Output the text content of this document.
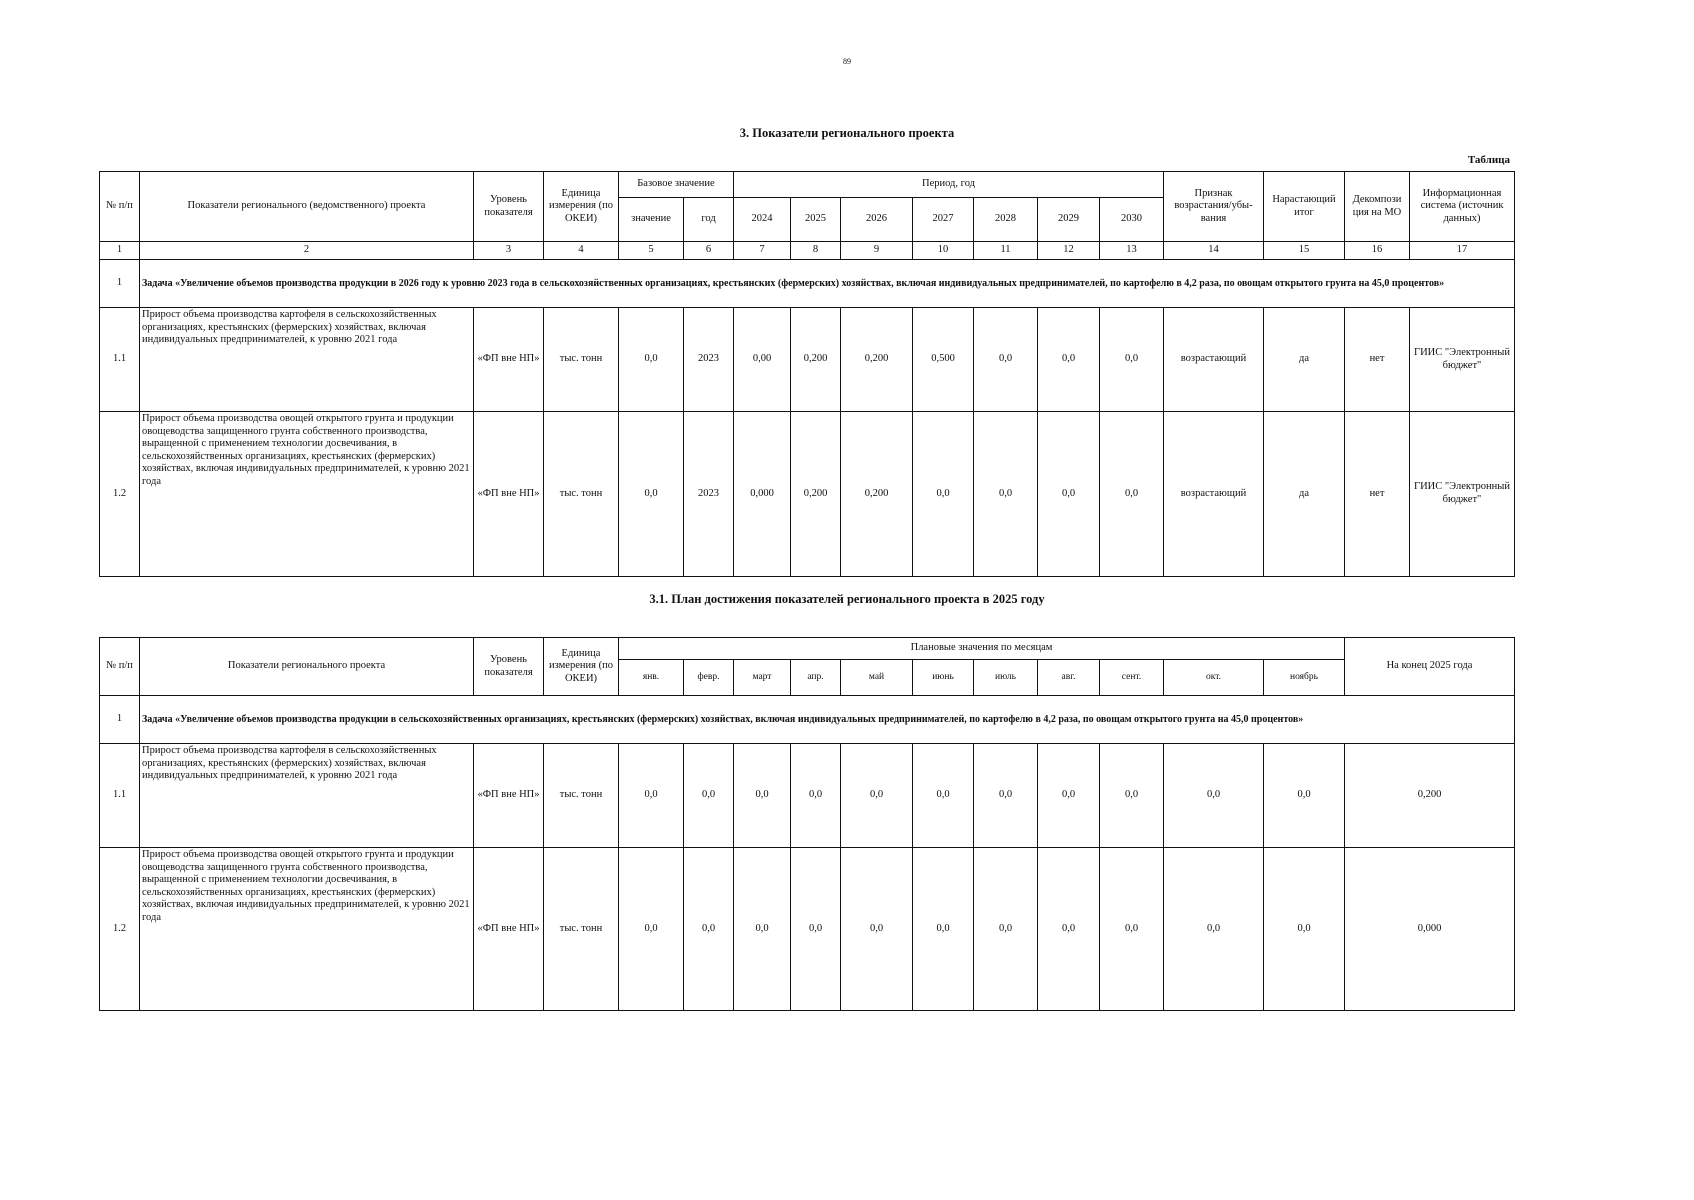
89
3. Показатели регионального проекта
Таблица
№ п/п	Показатели регионального (ведомственного) проекта	Уровень показателя	Единица измерения (по ОКЕИ)	Базовое значение		Период, год							Признак возрастания/убы-вания	Нарастающий итог	Декомпози ция на МО	Информационная система (источник данных)
				значение	год	2024	2025	2026	2027	2028	2029	2030				
1	2	3	4	5	6	7	8	9	10	11	12	13	14	15	16	17
1	Задача «Увеличение объемов производства продукции в 2026 году к уровню 2023 года в сельскохозяйственных организациях, крестьянских (фермерских) хозяйствах, включая индивидуальных предпринимателей, по картофелю в 4,2 раза, по овощам открытого грунта на 45,0 процентов»															
1.1	Прирост объема производства картофеля в сельскохозяйственных организациях, крестьянских (фермерских) хозяйствах, включая индивидуальных предпринимателей, к уровню 2021 года	«ФП вне НП»	тыс. тонн	0,0	2023	0,00	0,200	0,200	0,500	0,0	0,0	0,0	возрастающий	да	нет	ГИИС "Электронный бюджет"
1.2	Прирост объема производства овощей открытого грунта и продукции овощеводства защищенного грунта собственного производства, выращенной с применением технологии досвечивания, в сельскохозяйственных организациях, крестьянских (фермерских) хозяйствах, включая индивидуальных предпринимателей, к уровню 2021 года	«ФП вне НП»	тыс. тонн	0,0	2023	0,000	0,200	0,200	0,0	0,0	0,0	0,0	возрастающий	да	нет	ГИИС "Электронный бюджет"
3.1. План достижения показателей регионального проекта в 2025 году
№ п/п	Показатели регионального проекта	Уровень показателя	Единица измерения (по ОКЕИ)	Плановые значения по месяцам											На конец 2025 года
				янв.	февр.	март	апр.	май	июнь	июль	авг.	сент.	окт.	ноябрь	
1	Задача «Увеличение объемов производства продукции в сельскохозяйственных организациях, крестьянских (фермерских) хозяйствах, включая индивидуальных предпринимателей, по картофелю в 4,2 раза, по овощам открытого грунта на 45,0 процентов»														
1.1	Прирост объема производства картофеля в сельскохозяйственных организациях, крестьянских (фермерских) хозяйствах, включая индивидуальных предпринимателей, к уровню 2021 года	«ФП вне НП»	тыс. тонн	0,0	0,0	0,0	0,0	0,0	0,0	0,0	0,0	0,0	0,0	0,0	0,200
1.2	Прирост объема производства овощей открытого грунта и продукции овощеводства защищенного грунта собственного производства, выращенной с применением технологии досвечивания, в сельскохозяйственных организациях, крестьянских (фермерских) хозяйствах, включая индивидуальных предпринимателей, к уровню 2021 года	«ФП вне НП»	тыс. тонн	0,0	0,0	0,0	0,0	0,0	0,0	0,0	0,0	0,0	0,0	0,0	0,000
